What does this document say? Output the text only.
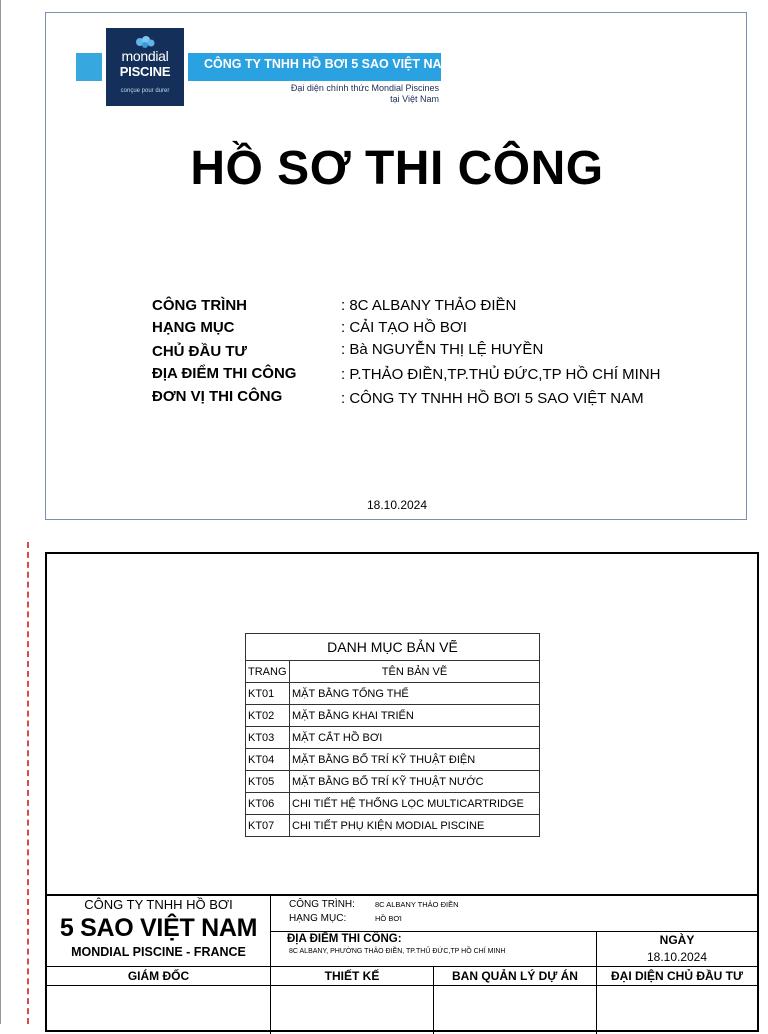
mondial
PISCINE
conçue pour durer
CÔNG TY TNHH HỒ BƠI 5 SAO VIỆT NAM
Đại diện chính thức Mondial Piscines
tại Việt Nam
HỒ SƠ THI CÔNG
CÔNG TRÌNH	: 8C ALBANY THẢO ĐIỀN
HẠNG MỤC	: CẢI TẠO HỒ BƠI
CHỦ ĐẦU TƯ	: Bà NGUYỄN THỊ LỆ HUYỀN
ĐỊA ĐIỂM THI CÔNG	: P.THẢO ĐIỀN,TP.THỦ ĐỨC,TP HỒ CHÍ MINH
ĐƠN VỊ THI CÔNG	: CÔNG TY TNHH HỒ BƠI 5 SAO VIỆT NAM
18.10.2024
DANH MỤC BẢN VẼ	
TRANG	TÊN BẢN VẼ
KT01	MẶT BẰNG TỔNG THỂ
KT02	MẶT BẰNG KHAI TRIỂN
KT03	MẶT CẮT HỒ BƠI
KT04	MẶT BẰNG BỐ TRÍ KỸ THUẬT ĐIỆN
KT05	MẶT BẰNG BỐ TRÍ KỸ THUẬT NƯỚC
KT06	CHI TIẾT HỆ THỐNG LỌC MULTICARTRIDGE
KT07	CHI TIẾT PHỤ KIỆN MODIAL PISCINE
CÔNG TY TNHH HỒ BƠI
5 SAO VIỆT NAM
MONDIAL PISCINE - FRANCE
CÔNG TRÌNH:	8C ALBANY THẢO ĐIỀN
HẠNG MỤC:	HỒ BƠI
ĐỊA ĐIỂM THI CÔNG:
8C ALBANY, PHƯỜNG THẢO ĐIỀN, TP.THỦ ĐỨC,TP HỒ CHÍ MINH
NGÀY
18.10.2024
GIÁM ĐỐC	THIẾT KẾ	BAN QUẢN LÝ DỰ ÁN	ĐẠI DIỆN CHỦ ĐẦU TƯ
